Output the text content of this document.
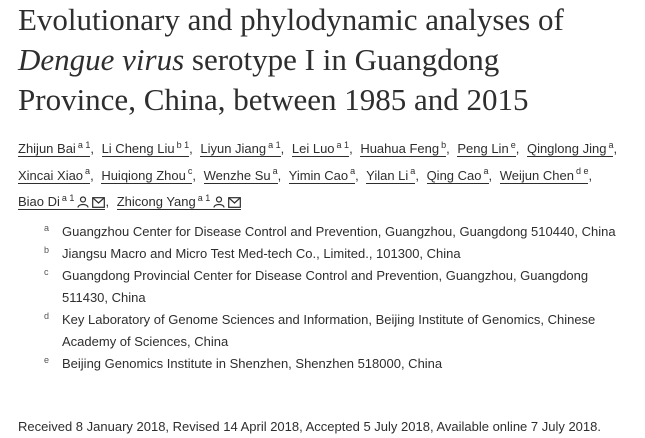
Evolutionary and phylodynamic analyses of
Dengue virus serotype I in Guangdong
Province, China, between 1985 and 2015
Zhijun Bai $^{a 1}$, Li Cheng Liu $^{b 1}$, Liyun Jiang $^{a 1}$, Lei Luo $^{a 1}$, Huahua Feng $^b$, Peng Lin $^e$, Qinglong Jing $^a$, Xincai Xiao $^a$, Huiqiong Zhou $^c$, Wenzhe Su $^a$, Yimin Cao $^a$, Yilan Li $^a$, Qing Cao $^a$, Weijun Chen $^{d e}$, Biao Di $^{a 1}$ , Zhicong Yang $^{a 1}$
a Guangzhou Center for Disease Control and Prevention, Guangzhou, Guangdong 510440, China
b Jiangsu Macro and Micro Test Med-tech Co., Limited., 101300, China
c Guangdong Provincial Center for Disease Control and Prevention, Guangzhou, Guangdong 511430, China
d Key Laboratory of Genome Sciences and Information, Beijing Institute of Genomics, Chinese Academy of Sciences, China
e Beijing Genomics Institute in Shenzhen, Shenzhen 518000, China
Received 8 January 2018, Revised 14 April 2018, Accepted 5 July 2018, Available online 7 July 2018.
